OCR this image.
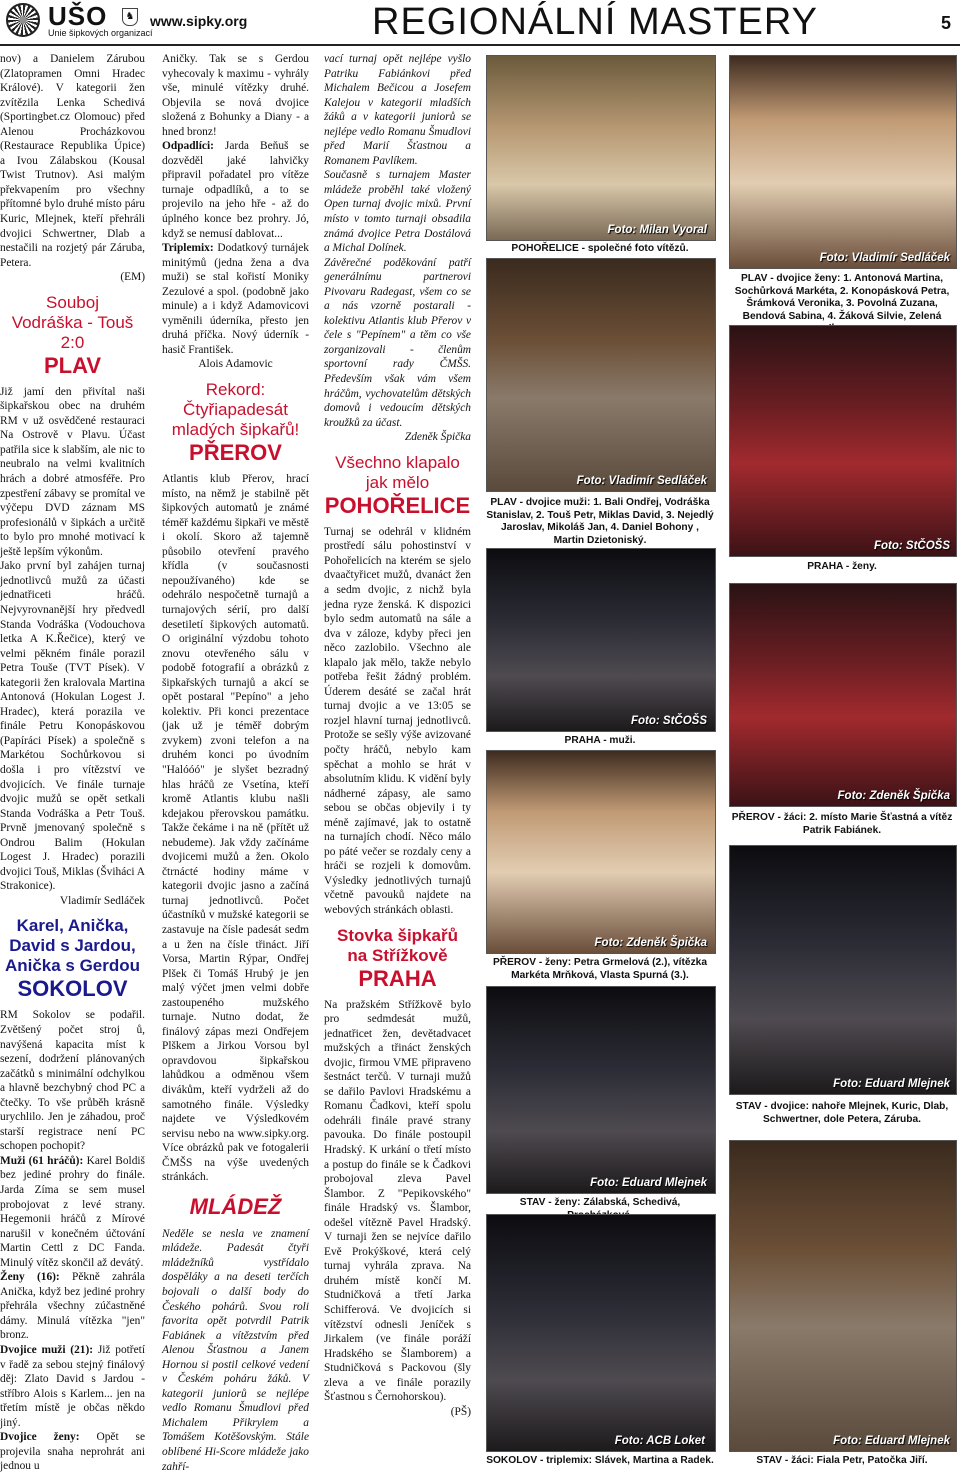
UŠO
Unie šipkových organizací
♞ www.sipky.org	REGIONÁLNÍ MASTERY	5

nov) a Danielem Zárubou (Zlatopramen Omni Hradec Králové). V kategorii žen zvítězila Lenka Schedivá (Sportingbet.cz Olomouc) před Alenou Procházkovou (Restaurace Republika Úpice) a Ivou Zálabskou (Kousal Twist Trutnov). Asi malým překvapením pro všechny přítomné bylo druhé místo páru Kuric, Mlejnek, kteří přehráli dvojici Schwertner, Dlab a nestačili na rozjetý pár Záruba, Petera.

(EM)

Souboj
Vodráška - Touš
2:0
PLAV

Již jamí den přivítal naši šipkařskou obec na druhém RM v už osvědčené restauraci Na Ostrově v Plavu. Účast patřila sice k slabším, ale nic to neubralo na velmi kvalitních hrách a dobré atmosféře. Pro zpestření zábavy se promítal ve výčepu DVD záznam MS profesionálů v šipkách a určitě to bylo pro mnohé motivací k ještě lepším výkonům.

Jako první byl zahájen turnaj jednotlivců mužů za účasti jednatřiceti hráčů. Nejvyrovnanější hry předvedl Standa Vodráška (Vodouchova letka A K.Řečice), který ve velmi pěkném finále porazil Petra Touše (TVT Písek). V kategorii žen kralovala Martina Antonová (Hokulan Logest J. Hradec), která porazila ve finále Petru Konopáskovou (Papíráci Písek) a společně s Markétou Sochůrkovou si došla i pro vítězství ve dvojicích. Ve finále turnaje dvojic mužů se opět setkali Standa Vodráška a Petr Touš. Prvně jmenovaný společně s Ondrou Balim (Hokulan Logest J. Hradec) porazili dvojici Touš, Miklas (Šviháci A Strakonice).

Vladimír Sedláček

Karel, Anička,
David s Jardou,
Anička s Gerdou
SOKOLOV

RM Sokolov se podařil. Zvětšený počet stroj ů, navýšená kapacita míst k sezení, dodržení plánovaných začátků s minimální odchylkou a hlavně bezchybný chod PC a čtečky. To vše průběh krásně urychlilo. Jen je záhadou, proč starší registrace není PC schopen pochopit?

Muži (61 hráčů): Karel Boldiš bez jediné prohry do finále. Jarda Zíma se sem musel probojovat z levé strany. Hegemonii hráčů z Mírové narušil v konečném účtování Martin Cettl z DC Fanda. Minulý vítěz skončil až devátý.

Ženy (16): Pěkně zahrála Anička, když bez jediné prohry přehrála všechny zúčastněné dámy. Minulá vítězka "jen" bronz.

Dvojice muži (21): Již potřetí v řadě za sebou stejný finálový děj: Zlato David s Jardou - stříbro Alois s Karlem... jen na třetím místě je občas někdo jiný.

Dvojice ženy: Opět se projevila snaha neprohrát ani jednou u

Aničky. Tak se s Gerdou vyhecovaly k maximu - vyhrály vše, minulé vítězky druhé. Objevila se nová dvojice složená z Bohunky a Diany - a hned bronz!

Odpadlíci: Jarda Beňuš se dozvěděl jaké lahvičky připravil pořadatel pro vítěze turnaje odpadlíků, a to se projevilo na jeho hře - až do úplného konce bez prohry. Jó, když se nemusí dablovat...

Triplemix: Dodatkový turnájek minitýmů (jedna žena a dva muži) se stal kořistí Moniky Zezulové a spol. (podobně jako minule) a i když Adamovicovi vyměnili úderníka, přesto jen druhá příčka. Nový úderník - hasič František.

Alois Adamovic

Rekord:
Čtyřiapadesát
mladých šipkařů!
PŘEROV

Atlantis klub Přerov, hrací místo, na němž je stabilně pět šipkových automatů je známé téměř každému šipkaři ve městě i okolí. Skoro až tajemně působilo otevření pravého křídla (v současnosti nepoužívaného) kde se odehrálo nespočetně turnajů a turnajových sérií, pro další desetiletí šipkových automatů. O originální výzdobu tohoto znovu otevřeného sálu v podobě fotografií a obrázků z šipkařských turnajů a akcí se opět postaral "Pepíno" a jeho kolektiv. Při konci prezentace (jak už je téměř dobrým zvykem) zvoni telefon a na druhém konci po úvodním "Halóóó" je slyšet bezradný hlas hráčů ze Vsetína, kteří kromě Atlantis klubu našli kdejakou přerovskou památku. Takže čekáme i na ně (přítět už nebudeme). Jak vždy začínáme dvojicemi mužů a žen. Okolo čtrnácté hodiny máme v kategorii dvojic jasno a začíná turnaj jednotlivců. Počet účastníků v mužské kategorii se zastavuje na čísle padesát sedm a u žen na čísle třináct. Jiří Vorsa, Martin Rýpar, Ondřej Plšek či Tomáš Hrubý je jen malý výčet jmen velmi dobře zastoupeného mužského turnaje. Nutno dodat, že finálový zápas mezi Ondřejem Plškem a Jirkou Vorsou byl opravdovou šipkařskou lahůdkou a odměnou všem divákům, kteří vydrželi až do samotného finále. Výsledky najdete ve Výsledkovém servisu nebo na www.sipky.org. Více obrázků pak ve fotogalerii ČMŠS na výše uvedených stránkách.

MLÁDEŽ

Neděle se nesla ve znamení mládeže. Padesát čtyři mládežníků vystřídalo dospěláky a na deseti terčích bojovali o další body do Českého pohárů. Svou roli favorita opět potvrdil Patrik Fabiánek a vítězstvím před Alenou Šťastnou a Janem Hornou si postil celkové vedení v Českém poháru žáků. V kategorii juniorů se nejlépe vedlo Romanu Šmudlovi před Michalem Přikrylem a Tomášem Kotěšovským. Stále oblíbené Hi-Score mládeže jako zahří-

vací turnaj opět nejlépe vyšlo Patriku Fabiánkovi před Michalem Bečicou a Josefem Kalejou v kategorii mladších žáků a v kategorii juniorů se nejlépe vedlo Romanu Šmudlovi před Marií Šťastnou a Romanem Pavlíkem.

Současně s turnajem Master mládeže proběhl také vložený Open turnaj dvojic mixů. První místo v tomto turnaji obsadila známá dvojice Petra Dostálová a Michal Dolínek.

Závěrečné poděkování patří generálnímu partnerovi Pivovaru Radegast, všem co se a nás vzorně postarali - kolektivu Atlantis klub Přerov v čele s "Pepínem" a těm co vše zorganizovali - členům sportovní rady ČMŠS. Především však vám všem hráčům, vychovatelům dětských domovů i vedoucím dětských kroužků za účast.

Zdeněk Špička

Všechno klapalo
jak mělo
POHOŘELICE

Turnaj se odehrál v klidném prostředí sálu pohostinství v Pohořelicích na kterém se sjelo dvaačtyřicet mužů, dvanáct žen a sedm dvojic, z nichž byla jedna ryze ženská. K dispozici bylo sedm automatů na sále a dva v záloze, kdyby přeci jen něco zazlobilo. Všechno ale klapalo jak mělo, takže nebylo potřeba řešit žádný problém. Úderem desáté se začal hrát turnaj dvojic a ve 13:05 se rozjel hlavní turnaj jednotlivců. Protože se sešly výše avizované počty hráčů, nebylo kam spěchat a mohlo se hrát v absolutním klidu. K vidění byly nádherné zápasy, ale samo sebou se občas objevily i ty méně zajímavé, jak to ostatně na turnajích chodí. Něco málo po páté večer se rozdaly ceny a hráči se rozjeli k domovům. Výsledky jednotlivých turnajů včetně pavouků najdete na webových stránkách oblasti.

Stovka šipkařů
na Střížkově
PRAHA

Na pražském Střížkově bylo pro sedmdesát mužů, jednatřicet žen, devětadvacet mužských a třináct ženských dvojic, firmou VME připraveno šestnáct terčů. V turnaji mužů se dařilo Pavlovi Hradskému a Romanu Čadkovi, kteří spolu odehráli finále pravé strany pavouka. Do finále postoupil Hradský. K urkání o třetí místo a postup do finále se k Čadkovi probojoval zleva Pavel Šlambor. Z "Pepikovského" finále Hradský vs. Šlambor, odešel vítězně Pavel Hradský. V turnaji žen se nejvíce dařilo Evě Prokýškové, která celý turnaj vyhrála zprava. Na druhém místě končí M. Studničková a třetí Jarka Schifferová. Ve dvojicích si vítězství odnesli Jeníček s Jirkalem (ve finále poráží Hradského se Šlamborem) a Studničková s Packovou (šly zleva a ve finále porazily Šťastnou s Černohorskou).

(PŠ)

Foto: Milan Vyoral
POHOŘELICE - společné foto vítězů.
Foto: Vladimír Sedláček
PLAV - dvojice muži: 1. Bali Ondřej, Vodráška Stanislav, 2. Touš Petr, Miklas David, 3. Nejedlý Jaroslav, Mikoláš Jan, 4. Daniel Bohony , Martin Dzietoniský.
Foto: StČOŠS
PRAHA - muži.
Foto: Zdeněk Špička
PŘEROV - ženy: Petra Grmelová (2.), vítězka Markéta Mrňková, Vlasta Spurná (3.).
Foto: Eduard Mlejnek
STAV - ženy: Zálabská, Schedivá,
Foto: ACB Loket
SOKOLOV - triplemix: Slávek, Martina a Radek.
Foto: Vladimír Sedláček
PLAV - dvojice ženy: 1. Antonová Martina, Sochůrková Markéta, 2. Konopásková Petra, Šrámková Veronika, 3. Povolná Zuzana, Bendová Sabina, 4. Žáková Silvie, Zelená
Foto: StČOŠS
PRAHA - ženy.
Foto: Zdeněk Špička
PŘEROV - žáci: 2. místo Marie Šťastná a vítěz Patrik Fabiánek.
Foto: Eduard Mlejnek
STAV - dvojice: nahoře Mlejnek, Kuric, Dlab, Schwertner, dole Petera, Záruba.
Foto: Eduard Mlejnek
STAV - žáci: Fiala Petr, Patočka Jiří.
